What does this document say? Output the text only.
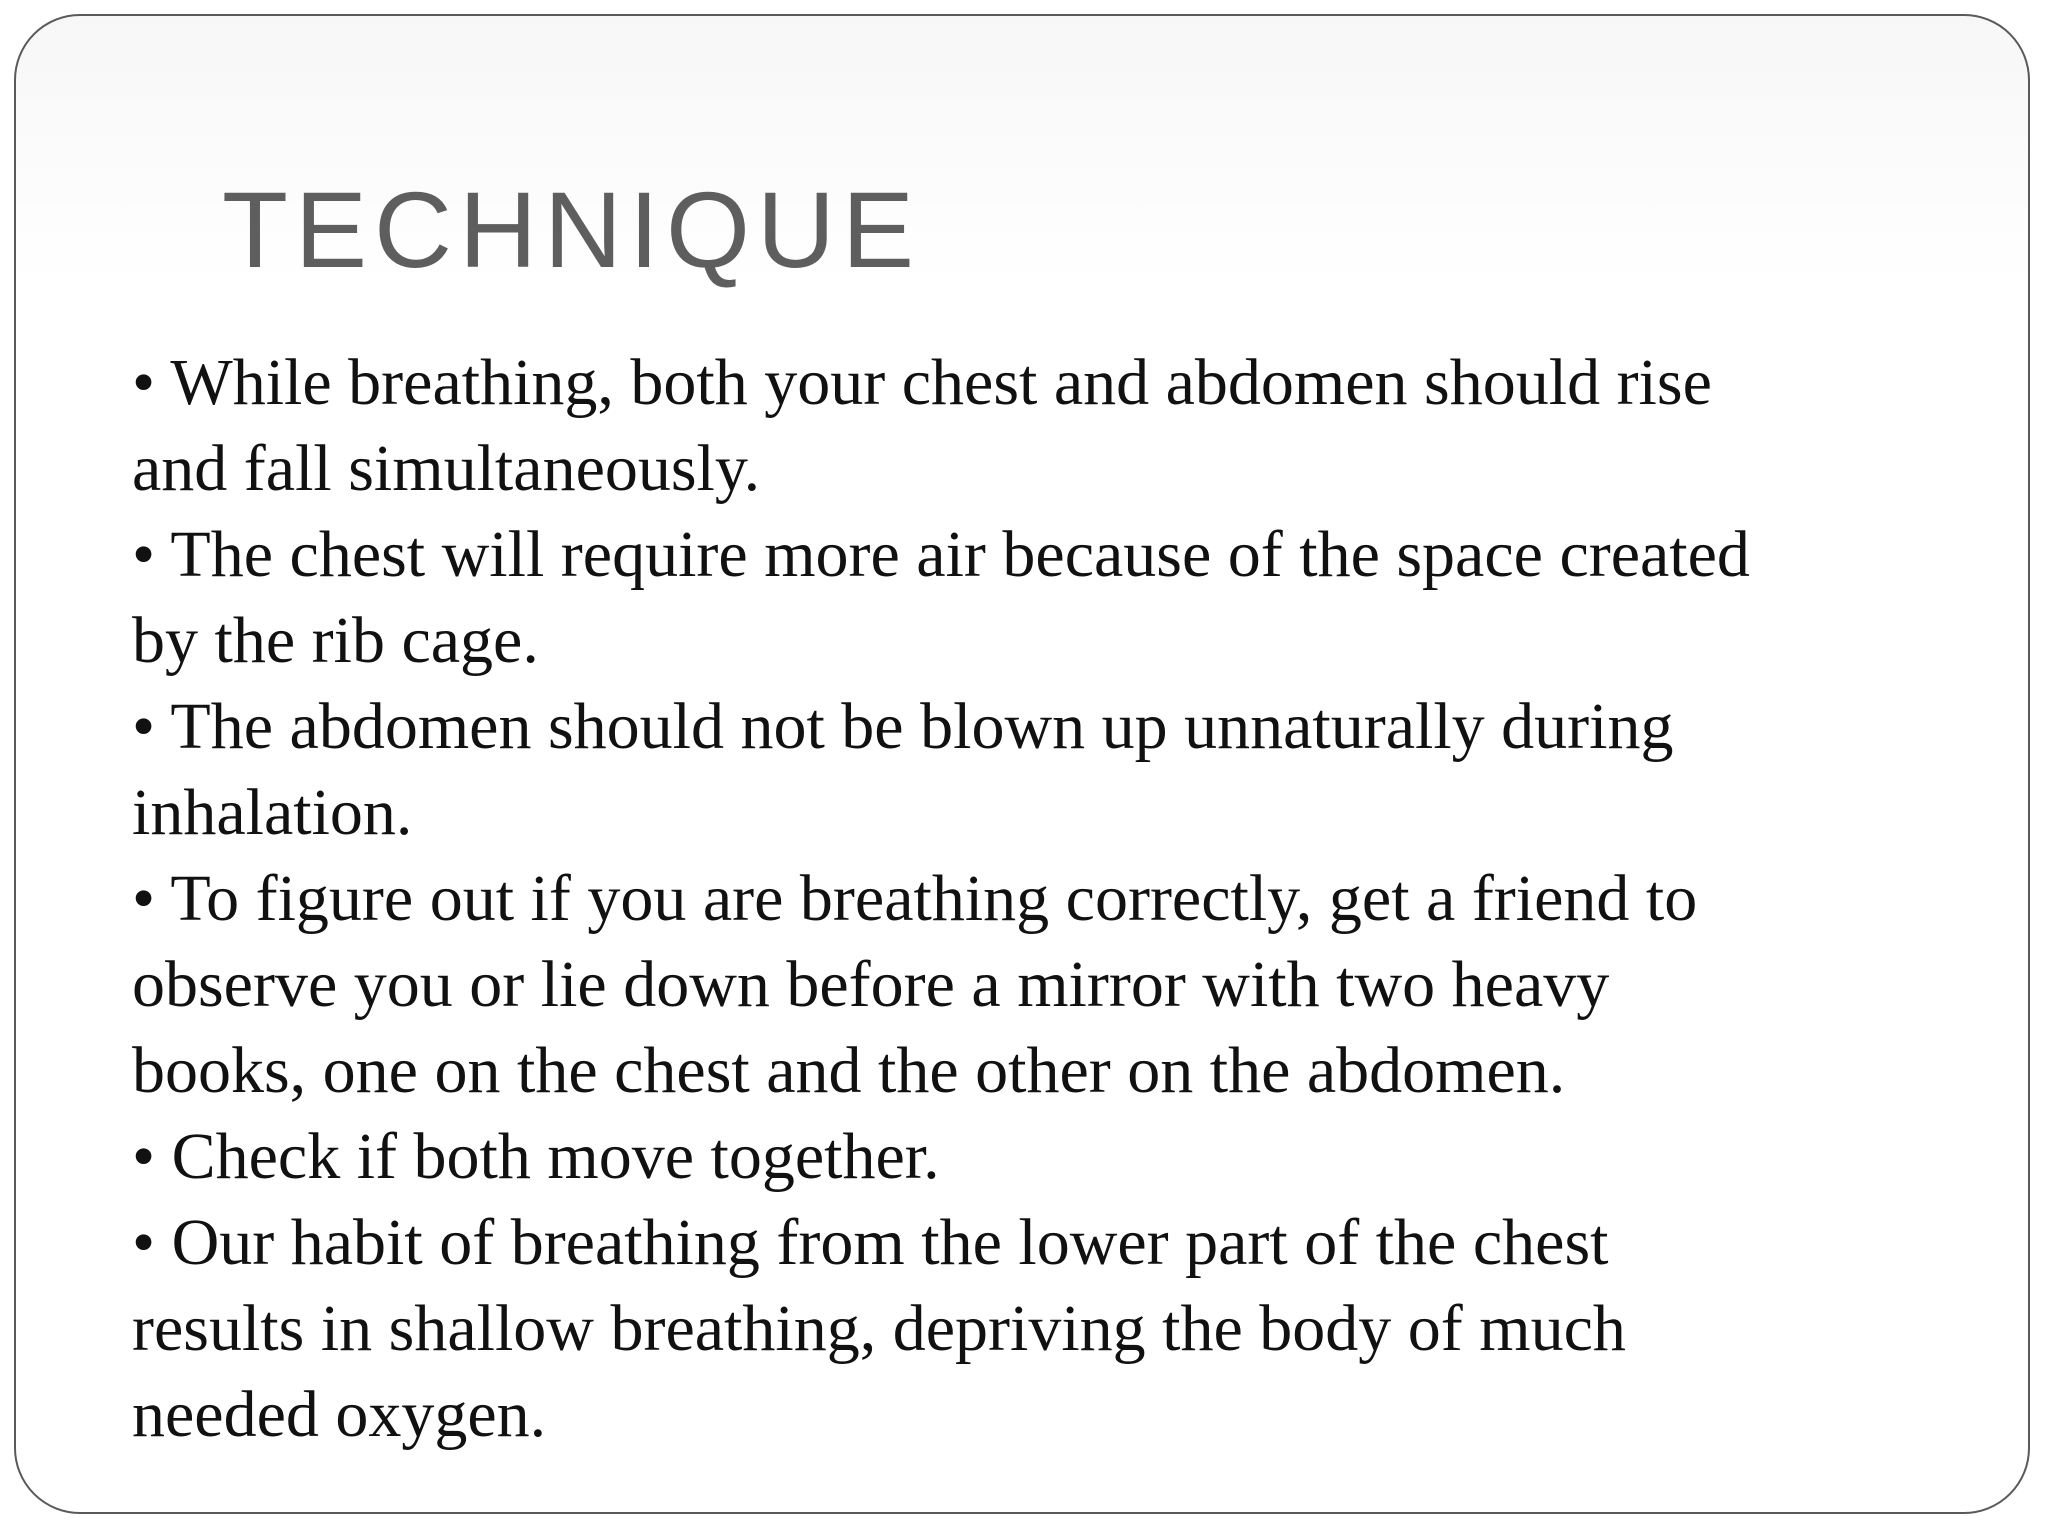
TECHNIQUE

• While breathing, both your chest and abdomen should rise
and fall simultaneously.

• The chest will require more air because of the space created
by the rib cage.

• The abdomen should not be blown up unnaturally during
inhalation.

• To figure out if you are breathing correctly, get a friend to
observe you or lie down before a mirror with two heavy
books, one on the chest and the other on the abdomen.

• Check if both move together.

• Our habit of breathing from the lower part of the chest
results in shallow breathing, depriving the body of much
needed oxygen.
